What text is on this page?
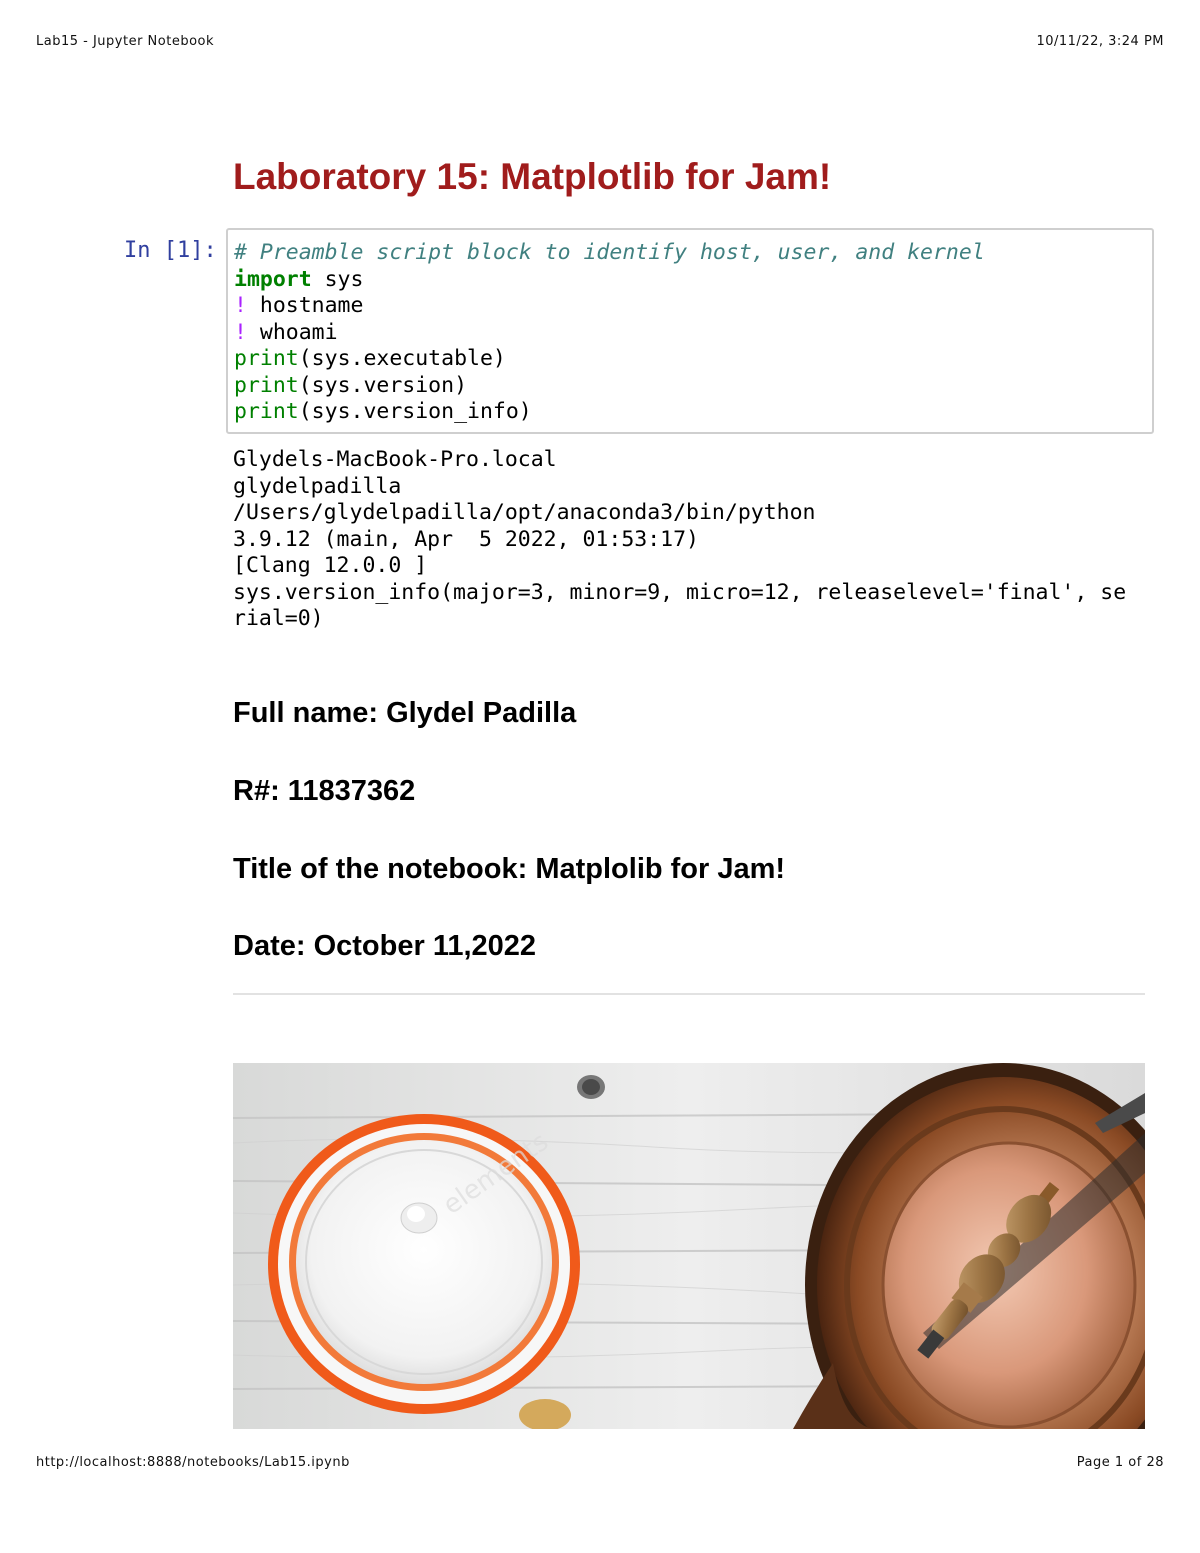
Lab15 - Jupyter Notebook	10/11/22, 3:24 PM
Laboratory 15: Matplotlib for Jam!
In [1]: # Preamble script block to identify host, user, and kernel
import sys
! hostname
! whoami
print(sys.executable)
print(sys.version)
print(sys.version_info)
Glydels-MacBook-Pro.local
glydelpadilla
/Users/glydelpadilla/opt/anaconda3/bin/python
3.9.12 (main, Apr  5 2022, 01:53:17)
[Clang 12.0.0 ]
sys.version_info(major=3, minor=9, micro=12, releaselevel='final', se
rial=0)
Full name: Glydel Padilla
R#: 11837362
Title of the notebook: Matplolib for Jam!
Date: October 11,2022
elements
http://localhost:8888/notebooks/Lab15.ipynb	Page 1 of 28
